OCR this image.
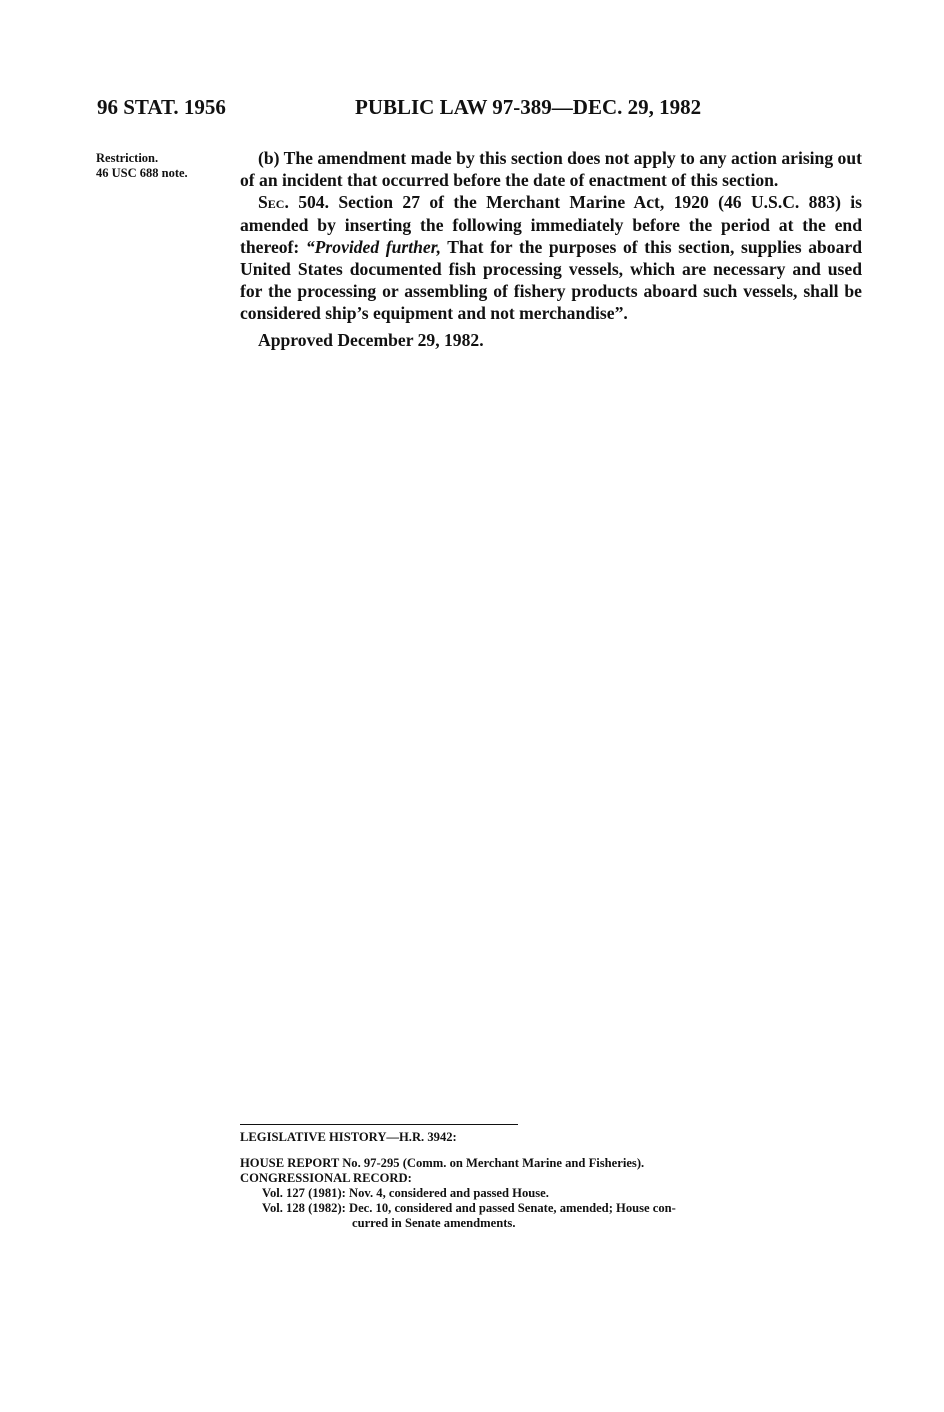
96 STAT. 1956	PUBLIC LAW 97-389—DEC. 29, 1982
Restriction.
46 USC 688 note.

(b) The amendment made by this section does not apply to any action arising out of an incident that occurred before the date of enactment of this section.

Sec. 504. Section 27 of the Merchant Marine Act, 1920 (46 U.S.C. 883) is amended by inserting the following immediately before the period at the end thereof: “Provided further, That for the purposes of this section, supplies aboard United States documented fish processing vessels, which are necessary and used for the processing or assembling of fishery products aboard such vessels, shall be considered ship’s equipment and not merchandise”.

Approved December 29, 1982.

LEGISLATIVE HISTORY—H.R. 3942:
HOUSE REPORT No. 97-295 (Comm. on Merchant Marine and Fisheries).
CONGRESSIONAL RECORD:
Vol. 127 (1981): Nov. 4, considered and passed House.
Vol. 128 (1982): Dec. 10, considered and passed Senate, amended; House con-
curred in Senate amendments.
